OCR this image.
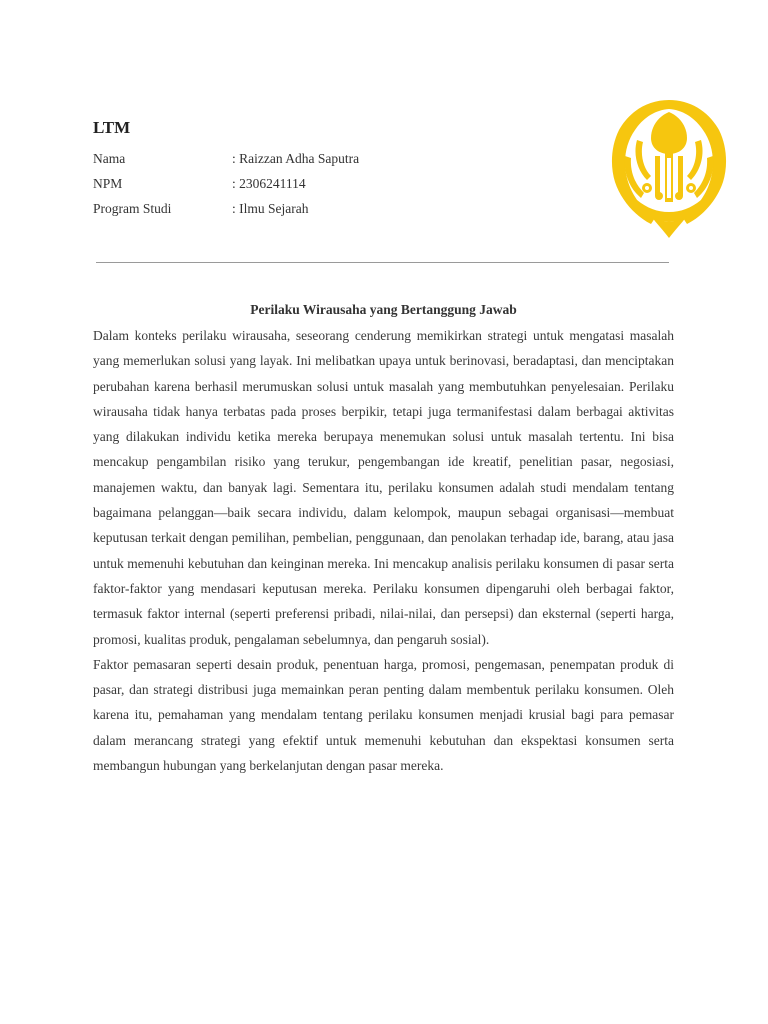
LTM
Nama	: Raizzan Adha Saputra
NPM	: 2306241114
Program Studi	: Ilmu Sejarah
Perilaku Wirausaha yang Bertanggung Jawab

Dalam konteks perilaku wirausaha, seseorang cenderung memikirkan strategi untuk mengatasi masalah yang memerlukan solusi yang layak. Ini melibatkan upaya untuk berinovasi, beradaptasi, dan menciptakan perubahan karena berhasil merumuskan solusi untuk masalah yang membutuhkan penyelesaian. Perilaku wirausaha tidak hanya terbatas pada proses berpikir, tetapi juga termanifestasi dalam berbagai aktivitas yang dilakukan individu ketika mereka berupaya menemukan solusi untuk masalah tertentu. Ini bisa mencakup pengambilan risiko yang terukur, pengembangan ide kreatif, penelitian pasar, negosiasi, manajemen waktu, dan banyak lagi. Sementara itu, perilaku konsumen adalah studi mendalam tentang bagaimana pelanggan—baik secara individu, dalam kelompok, maupun sebagai organisasi—membuat keputusan terkait dengan pemilihan, pembelian, penggunaan, dan penolakan terhadap ide, barang, atau jasa untuk memenuhi kebutuhan dan keinginan mereka. Ini mencakup analisis perilaku konsumen di pasar serta faktor-faktor yang mendasari keputusan mereka. Perilaku konsumen dipengaruhi oleh berbagai faktor, termasuk faktor internal (seperti preferensi pribadi, nilai-nilai, dan persepsi) dan eksternal (seperti harga, promosi, kualitas produk, pengalaman sebelumnya, dan pengaruh sosial).

Faktor pemasaran seperti desain produk, penentuan harga, promosi, pengemasan, penempatan produk di pasar, dan strategi distribusi juga memainkan peran penting dalam membentuk perilaku konsumen. Oleh karena itu, pemahaman yang mendalam tentang perilaku konsumen menjadi krusial bagi para pemasar dalam merancang strategi yang efektif untuk memenuhi kebutuhan dan ekspektasi konsumen serta membangun hubungan yang berkelanjutan dengan pasar mereka.
